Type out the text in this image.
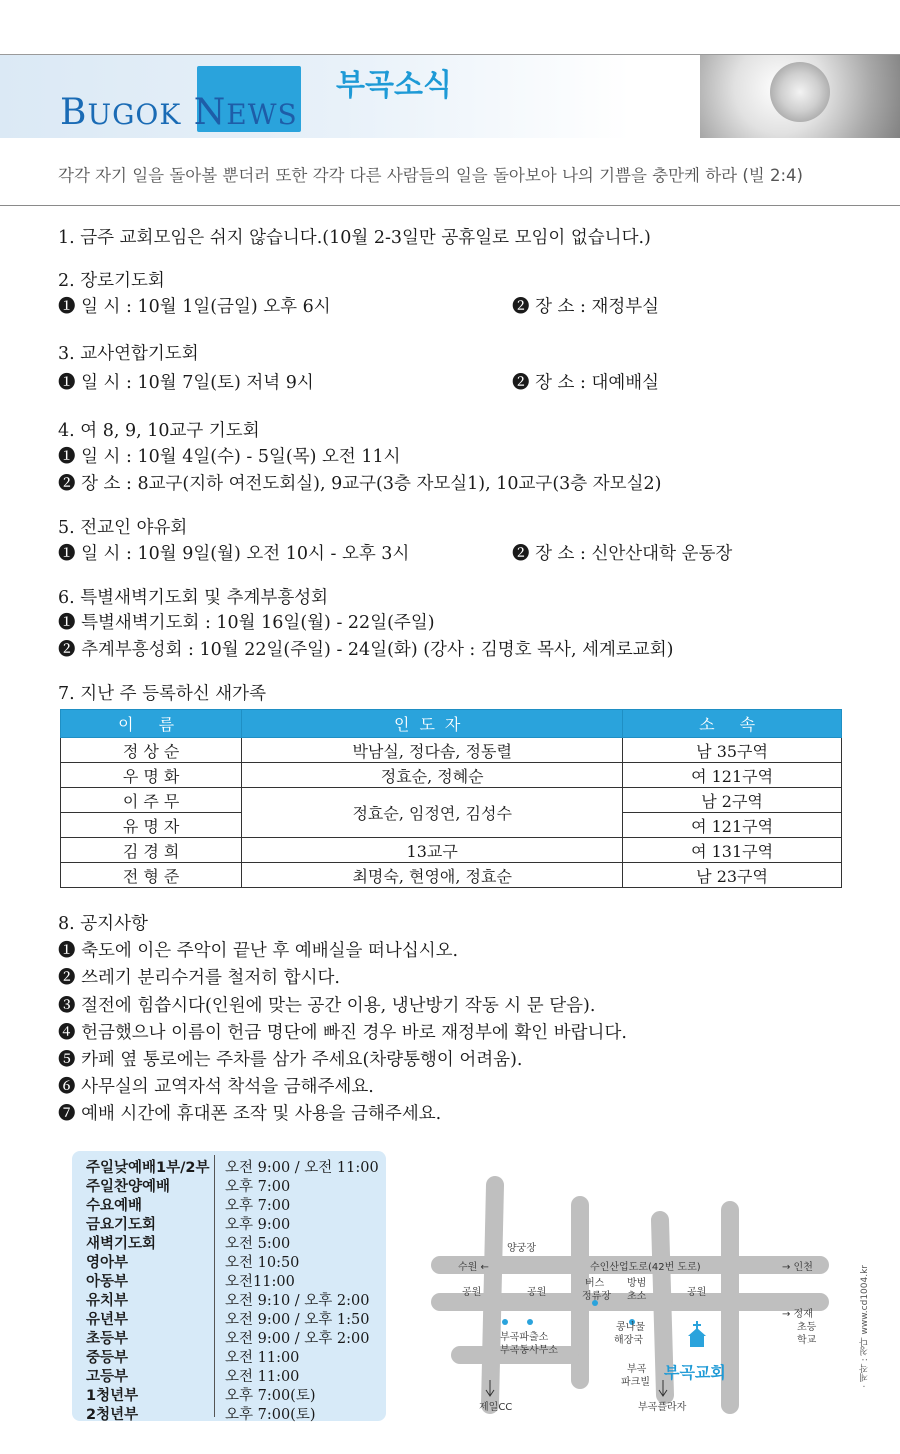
BUGOK NEWS
부곡소식
각각 자기 일을 돌아볼 뿐더러 또한 각각 다른 사람들의 일을 돌아보아 나의 기쁨을 충만케 하라 (빌 2:4)
1. 금주 교회모임은 쉬지 않습니다.(10월 2-3일만 공휴일로 모임이 없습니다.)
2. 장로기도회
❶ 일 시 : 10월 1일(금일) 오후 6시	❷ 장 소 : 재정부실
3. 교사연합기도회
❶ 일 시 : 10월 7일(토) 저녁 9시	❷ 장 소 : 대예배실
4. 여 8, 9, 10교구 기도회
❶ 일 시 : 10월 4일(수) - 5일(목) 오전 11시
❷ 장 소 : 8교구(지하 여전도회실), 9교구(3층 자모실1), 10교구(3층 자모실2)
5. 전교인 야유회
❶ 일 시 : 10월 9일(월) 오전 10시 - 오후 3시	❷ 장 소 : 신안산대학 운동장
6. 특별새벽기도회 및 추계부흥성회
❶ 특별새벽기도회 : 10월 16일(월) - 22일(주일)
❷ 추계부흥성회 : 10월 22일(주일) - 24일(화) (강사 : 김명호 목사, 세계로교회)
7. 지난 주 등록하신 새가족
이 름	인도자	소 속
정 상 순	박남실, 정다솜, 정동렬	남 35구역
우 명 화	정효순, 정혜순	여 121구역
이 주 무	정효순, 임정연, 김성수	남 2구역
유 명 자		여 121구역
김 경 희	13교구	여 131구역
전 형 준	최명숙, 현영애, 정효순	남 23구역
8. 공지사항
❶ 축도에 이은 주악이 끝난 후 예배실을 떠나십시오.
❷ 쓰레기 분리수거를 철저히 합시다.
❸ 절전에 힘씁시다(인원에 맞는 공간 이용, 냉난방기 작동 시 문 닫음).
❹ 헌금했으나 이름이 헌금 명단에 빠진 경우 바로 재정부에 확인 바랍니다.
❺ 카페 옆 통로에는 주차를 삼가 주세요(차량통행이 어려움).
❻ 사무실의 교역자석 착석을 금해주세요.
❼ 예배 시간에 휴대폰 조작 및 사용을 금해주세요.
주일낮예배1부/2부 오전 9:00 / 오전 11:00
주일찬양예배	오후 7:00
수요예배	오후 7:00
금요기도회	오후 9:00
새벽기도회	오전 5:00
영아부	오전 10:50
아동부	오전11:00
유치부	오전 9:10 / 오후 2:00
유년부	오전 9:00 / 오후 1:50
초등부	오전 9:00 / 오후 2:00
중등부	오전 11:00
고등부	오전 11:00
1청년부	오후 7:00(토)
2청년부	오후 7:00(토)
양궁장
수원 ←	수인산업도로(42번 도로)	→ 인천
공원	공원	공원
버스
정류장
방범
초소
부곡파출소
부곡동사무소
콩나물
해장국
→ 정재
초등
학교
부곡교회
부곡
파크빌
제일CC	부곡플라자
· 제작 : 청다 www.cd1004.kr
